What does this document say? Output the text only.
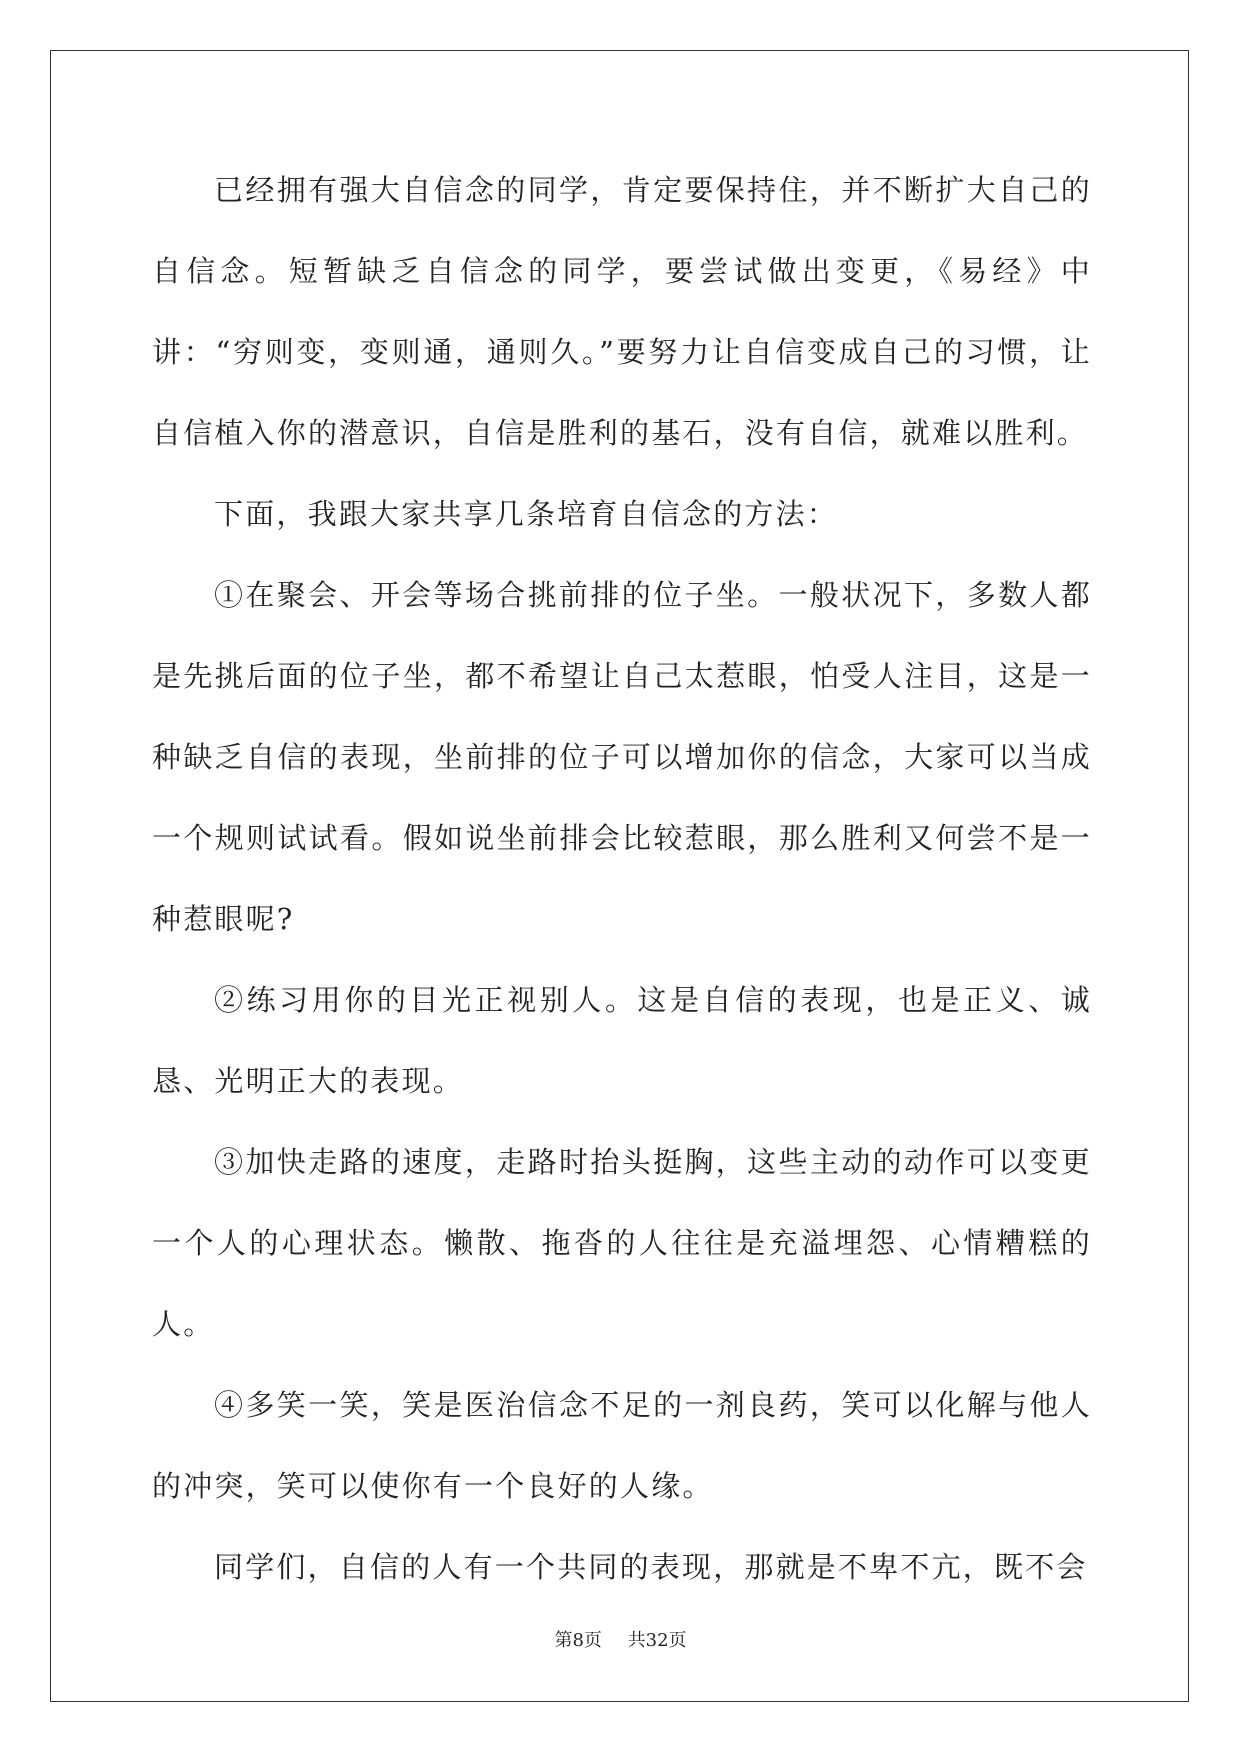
已经拥有强大自信念的同学，肯定要保持住，并不断扩大自己的自信念。短暂缺乏自信念的同学，要尝试做出变更，《易经》中讲：“穷则变，变则通，通则久。”要努力让自信变成自己的习惯，让自信植入你的潜意识，自信是胜利的基石，没有自信，就难以胜利。

下面，我跟大家共享几条培育自信念的方法：

①在聚会、开会等场合挑前排的位子坐。一般状况下，多数人都是先挑后面的位子坐，都不希望让自己太惹眼，怕受人注目，这是一种缺乏自信的表现，坐前排的位子可以增加你的信念，大家可以当成一个规则试试看。假如说坐前排会比较惹眼，那么胜利又何尝不是一种惹眼呢?

②练习用你的目光正视别人。这是自信的表现，也是正义、诚恳、光明正大的表现。

③加快走路的速度，走路时抬头挺胸，这些主动的动作可以变更一个人的心理状态。懒散、拖沓的人往往是充溢埋怨、心情糟糕的人。

④多笑一笑，笑是医治信念不足的一剂良药，笑可以化解与他人的冲突，笑可以使你有一个良好的人缘。

同学们，自信的人有一个共同的表现，那就是不卑不亢，既不会

第8页 共32页
